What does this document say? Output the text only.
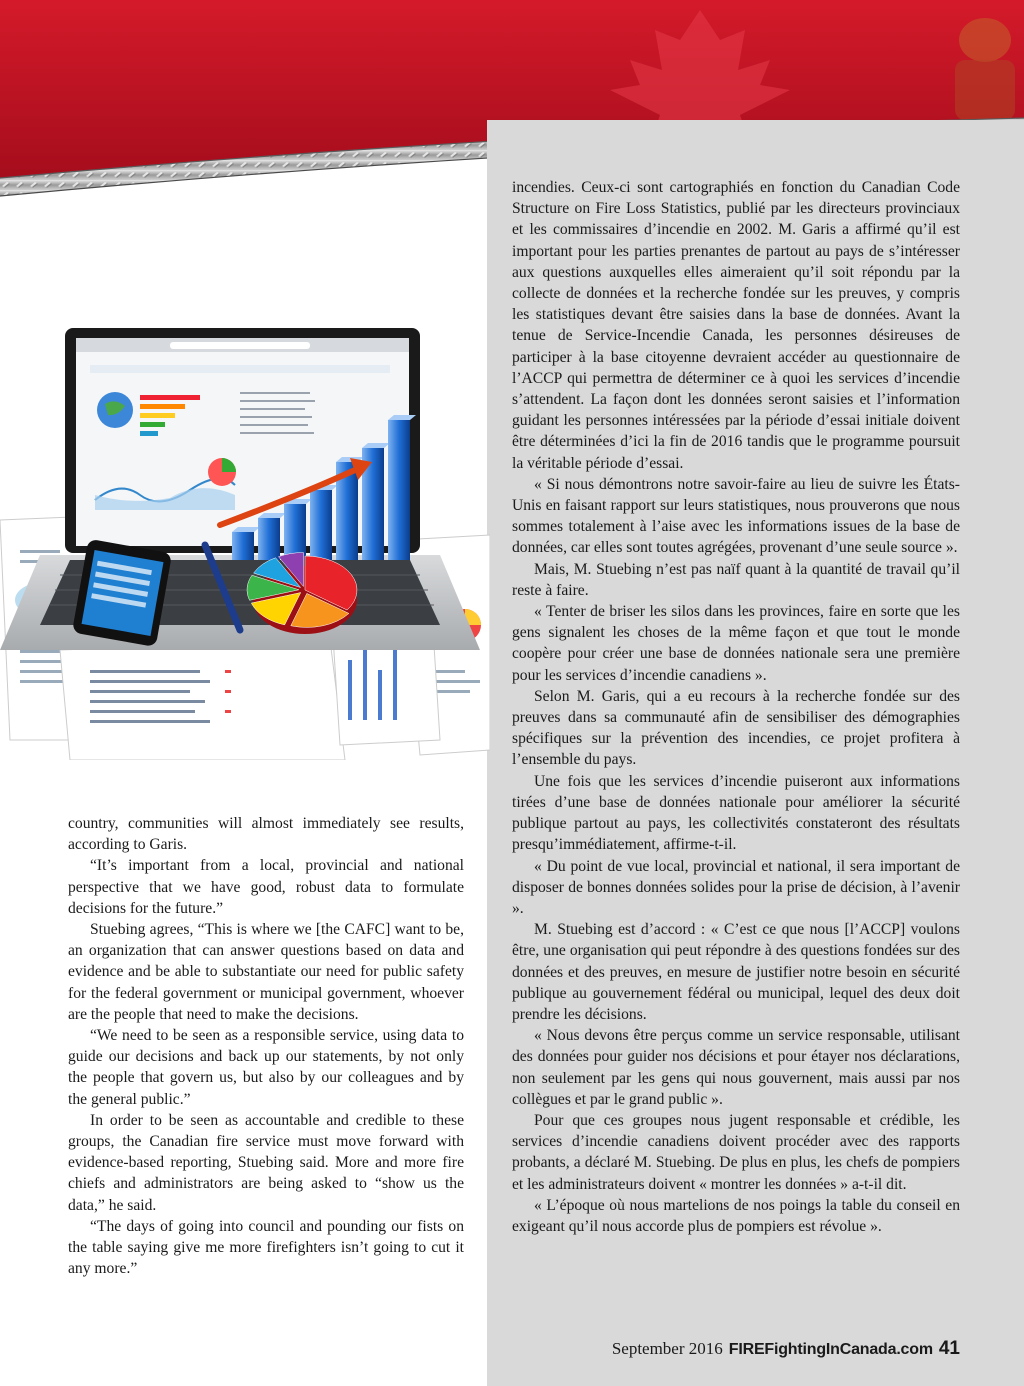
country, communities will almost immediately see results, according to Garis.

“It’s important from a local, provincial and national perspective that we have good, robust data to formulate decisions for the future.”

Stuebing agrees, “This is where we [the CAFC] want to be, an organization that can answer questions based on data and evidence and be able to substantiate our need for public safety for the federal government or municipal government, whoever are the people that need to make the decisions.

“We need to be seen as a responsible service, using data to guide our decisions and back up our statements, by not only the people that govern us, but also by our colleagues and by the general public.”

In order to be seen as accountable and credible to these groups, the Canadian fire service must move forward with evidence-based reporting, Stuebing said. More and more fire chiefs and administrators are being asked to “show us the data,” he said.

“The days of going into council and pounding our fists on the table saying give me more firefighters isn’t going to cut it any more.”

incendies. Ceux-ci sont cartographiés en fonction du Canadian Code Structure on Fire Loss Statistics, publié par les directeurs provinciaux et les commissaires d’incendie en 2002. M. Garis a affirmé qu’il est important pour les parties prenantes de partout au pays de s’intéresser aux questions auxquelles elles aimeraient qu’il soit répondu par la collecte de données et la recherche fondée sur les preuves, y compris les statistiques devant être saisies dans la base de données. Avant la tenue de Service-Incendie Canada, les personnes désireuses de participer à la base citoyenne devraient accéder au questionnaire de l’ACCP qui permettra de déterminer ce à quoi les services d’incendie s’attendent. La façon dont les données seront saisies et l’information guidant les personnes intéressées par la période d’essai initiale doivent être déterminées d’ici la fin de 2016 tandis que le programme poursuit la véritable période d’essai.

« Si nous démontrons notre savoir-faire au lieu de suivre les États-Unis en faisant rapport sur leurs statistiques, nous prouverons que nous sommes totalement à l’aise avec les informations issues de la base de données, car elles sont toutes agrégées, provenant d’une seule source ».

Mais, M. Stuebing n’est pas naïf quant à la quantité de travail qu’il reste à faire.

« Tenter de briser les silos dans les provinces, faire en sorte que les gens signalent les choses de la même façon et que tout le monde coopère pour créer une base de données nationale sera une première pour les services d’incendie canadiens ».

Selon M. Garis, qui a eu recours à la recherche fondée sur des preuves dans sa communauté afin de sensibiliser des démographies spécifiques sur la prévention des incendies, ce projet profitera à l’ensemble du pays.

Une fois que les services d’incendie puiseront aux informations tirées d’une base de données nationale pour améliorer la sécurité publique partout au pays, les collectivités constateront des résultats presqu’immédiatement, affirme-t-il.

« Du point de vue local, provincial et national, il sera important de disposer de bonnes données solides pour la prise de décision, à l’avenir ».

M. Stuebing est d’accord : « C’est ce que nous [l’ACCP] voulons être, une organisation qui peut répondre à des questions fondées sur des données et des preuves, en mesure de justifier notre besoin en sécurité publique au gouvernement fédéral ou municipal, lequel des deux doit prendre les décisions.

« Nous devons être perçus comme un service responsable, utilisant des données pour guider nos décisions et pour étayer nos déclarations, non seulement par les gens qui nous gouvernent, mais aussi par nos collègues et par le grand public ».

Pour que ces groupes nous jugent responsable et crédible, les services d’incendie canadiens doivent procéder avec des rapports probants, a déclaré M. Stuebing. De plus en plus, les chefs de pompiers et les administrateurs doivent « montrer les données » a-t-il dit.

« L’époque où nous martelions de nos poings la table du conseil en exigeant qu’il nous accorde plus de pompiers est révolue ».

September 2016 FIREFightingInCanada.com 41
